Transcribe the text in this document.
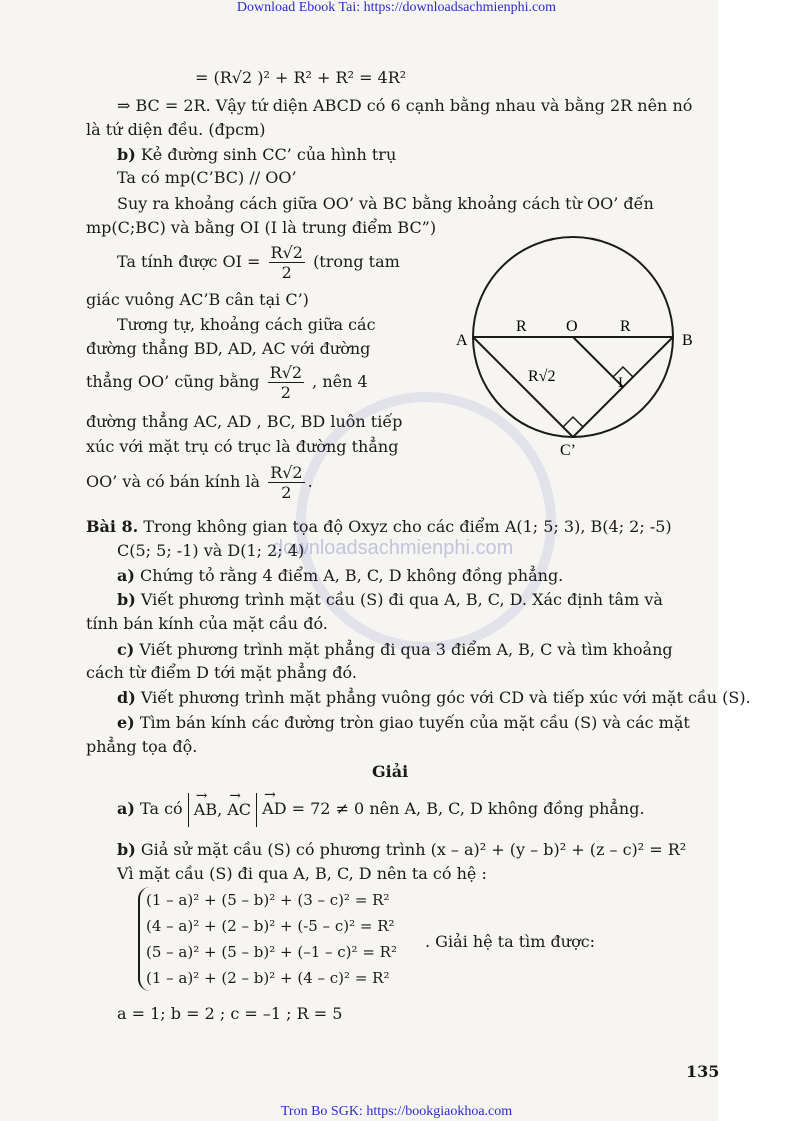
Download Ebook Tai: https://downloadsachmienphi.com
downloadsachmienphi.com
= (R√2 )² + R² + R² = 4R²
⇒ BC = 2R. Vậy tứ diện ABCD có 6 cạnh bằng nhau và bằng 2R nên nó
là tứ diện đều. (đpcm)
b) Kẻ đường sinh CC’ của hình trụ
Ta có mp(C’BC) // OO’
Suy ra khoảng cách giữa OO’ và BC bằng khoảng cách từ OO’ đến
mp(C;BC) và bằng OI (I là trung điểm BC”)
Ta tính được OI = $\frac{R√2}{2}$ (trong tam
giác vuông AC’B cân tại C’)
Tương tự, khoảng cách giữa các
đường thẳng BD, AD, AC với đường
thẳng OO’ cũng bằng $\frac{R√2}{2}$ , nên 4
đường thẳng AC, AD , BC, BD luôn tiếp
xúc với mặt trụ có trục là đường thẳng
OO’ và có bán kính là $\frac{R√2}{2}$ .
A	B
O
R	R
R√2	I
C’
Bài 8. Trong không gian tọa độ Oxyz cho các điểm A(1; 5; 3), B(4; 2; -5)
C(5; 5; -1) và D(1; 2; 4)
a) Chứng tỏ rằng 4 điểm A, B, C, D không đồng phẳng.
b) Viết phương trình mặt cầu (S) đi qua A, B, C, D. Xác định tâm và
tính bán kính của mặt cầu đó.
c) Viết phương trình mặt phẳng đi qua 3 điểm A, B, C và tìm khoảng
cách từ điểm D tới mặt phẳng đó.
d) Viết phương trình mặt phẳng vuông góc với CD và tiếp xúc với mặt cầu (S).
e) Tìm bán kính các đường tròn giao tuyến của mặt cầu (S) và các mặt
phẳng tọa độ.
Giải
a) Ta có → AB, → AC → AD = 72 ≠ 0 nên A, B, C, D không đồng phẳng.
b) Giả sử mặt cầu (S) có phương trình (x – a)² + (y – b)² + (z – c)² = R²
Vì mặt cầu (S) đi qua A, B, C, D nên ta có hệ :
(1 – a)² + (5 – b)² + (3 – c)² = R²
(4 – a)² + (2 – b)² + (-5 – c)² = R²
(5 – a)² + (5 – b)² + (–1 – c)² = R²
(1 – a)² + (2 – b)² + (4 – c)² = R²
. Giải hệ ta tìm được:
a = 1; b = 2 ; c = –1 ; R = 5
135
Tron Bo SGK: https://bookgiaokhoa.com
